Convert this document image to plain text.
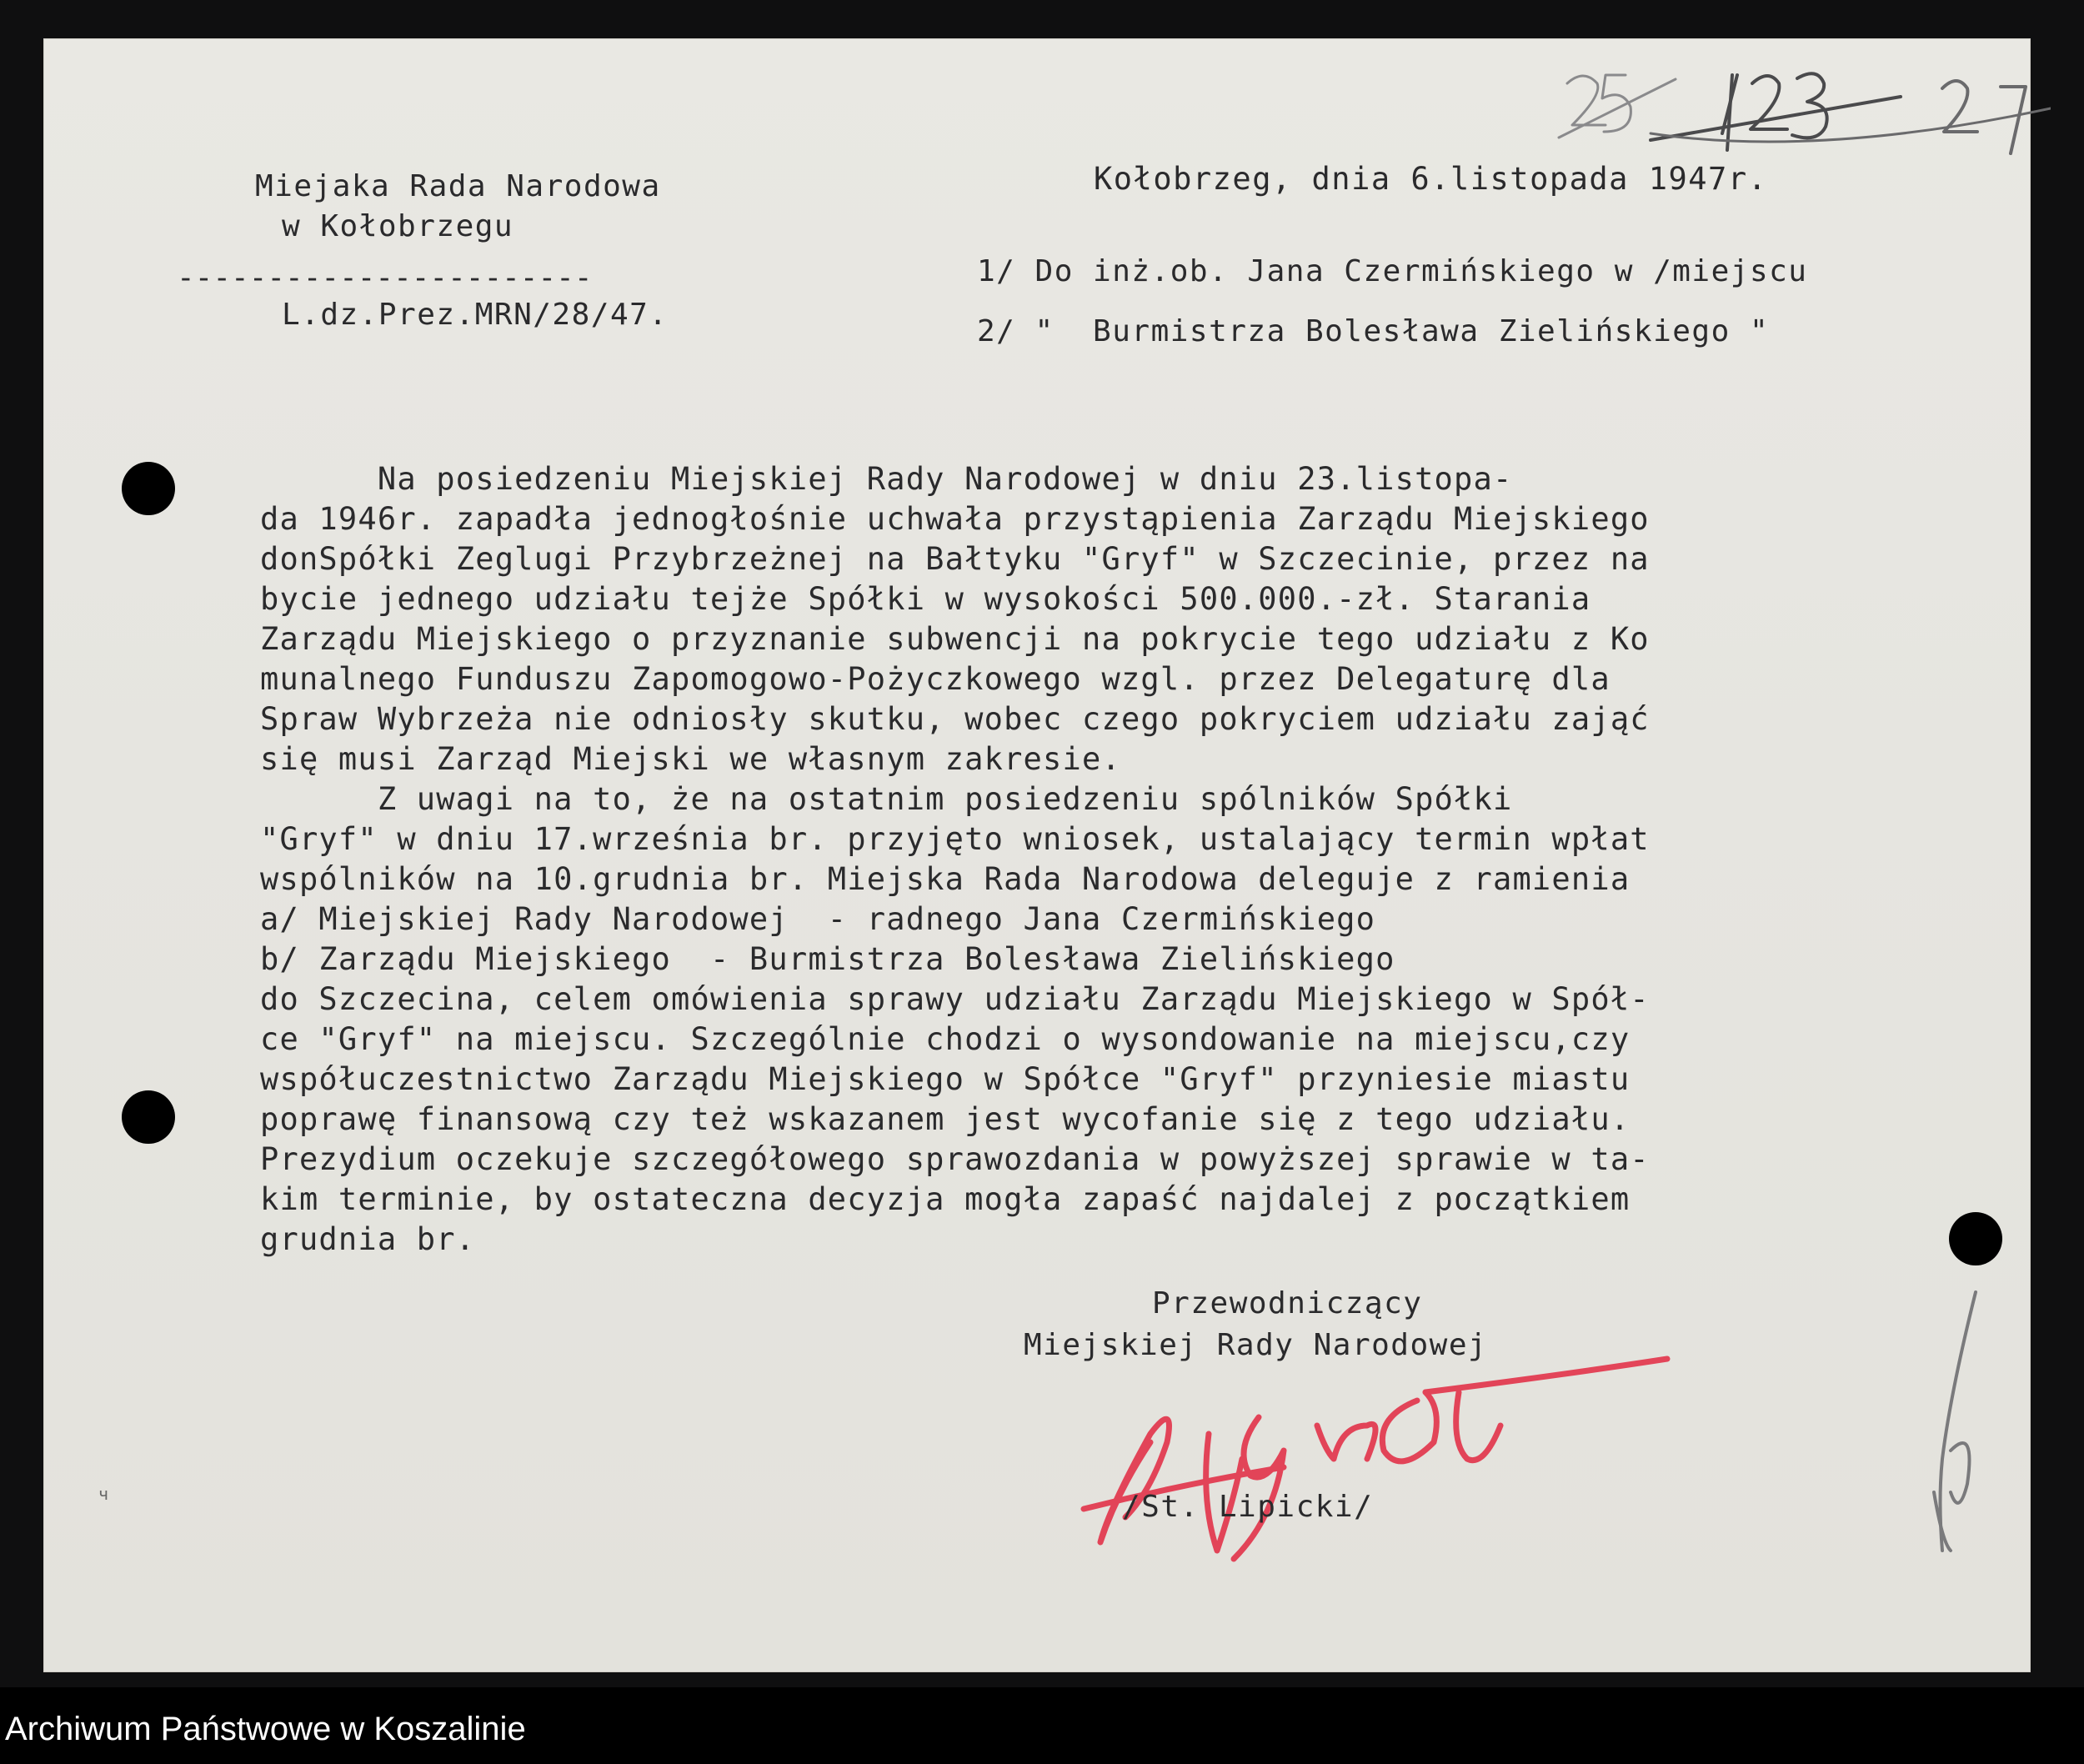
Miejaka Rada Narodowa
w Kołobrzegu
-----------------------
L.dz.Prez.MRN/28/47.
Kołobrzeg, dnia 6.listopada 1947r.
1/ Do inż.ob. Jana Czermińskiego w /miejscu
2/ "  Burmistrza Bolesława Zielińskiego "
Na posiedzeniu Miejskiej Rady Narodowej w dniu 23.listopa-
da 1946r. zapadła jednogłośnie uchwała przystąpienia Zarządu Miejskiego
donSpółki Zeglugi Przybrzeżnej na Bałtyku "Gryf" w Szczecinie, przez na
bycie jednego udziału tejże Spółki w wysokości 500.000.-zł. Starania
Zarządu Miejskiego o przyznanie subwencji na pokrycie tego udziału z Ko
munalnego Funduszu Zapomogowo-Pożyczkowego wzgl. przez Delegaturę dla
Spraw Wybrzeża nie odniosły skutku, wobec czego pokryciem udziału zająć
się musi Zarząd Miejski we własnym zakresie.
Z uwagi na to, że na ostatnim posiedzeniu spólników Spółki
"Gryf" w dniu 17.września br. przyjęto wniosek, ustalający termin wpłat
wspólników na 10.grudnia br. Miejska Rada Narodowa deleguje z ramienia
a/ Miejskiej Rady Narodowej  - radnego Jana Czermińskiego
b/ Zarządu Miejskiego  - Burmistrza Bolesława Zielińskiego
do Szczecina, celem omówienia sprawy udziału Zarządu Miejskiego w Spół-
ce "Gryf" na miejscu. Szczególnie chodzi o wysondowanie na miejscu,czy
współuczestnictwo Zarządu Miejskiego w Spółce "Gryf" przyniesie miastu
poprawę finansową czy też wskazanem jest wycofanie się z tego udziału.
Prezydium oczekuje szczegółowego sprawozdania w powyższej sprawie w ta-
kim terminie, by ostateczna decyzja mogła zapaść najdalej z początkiem
grudnia br.
Przewodniczący
Miejskiej Rady Narodowej
/St. Lipicki/
ч
Archiwum Państwowe w Koszalinie
